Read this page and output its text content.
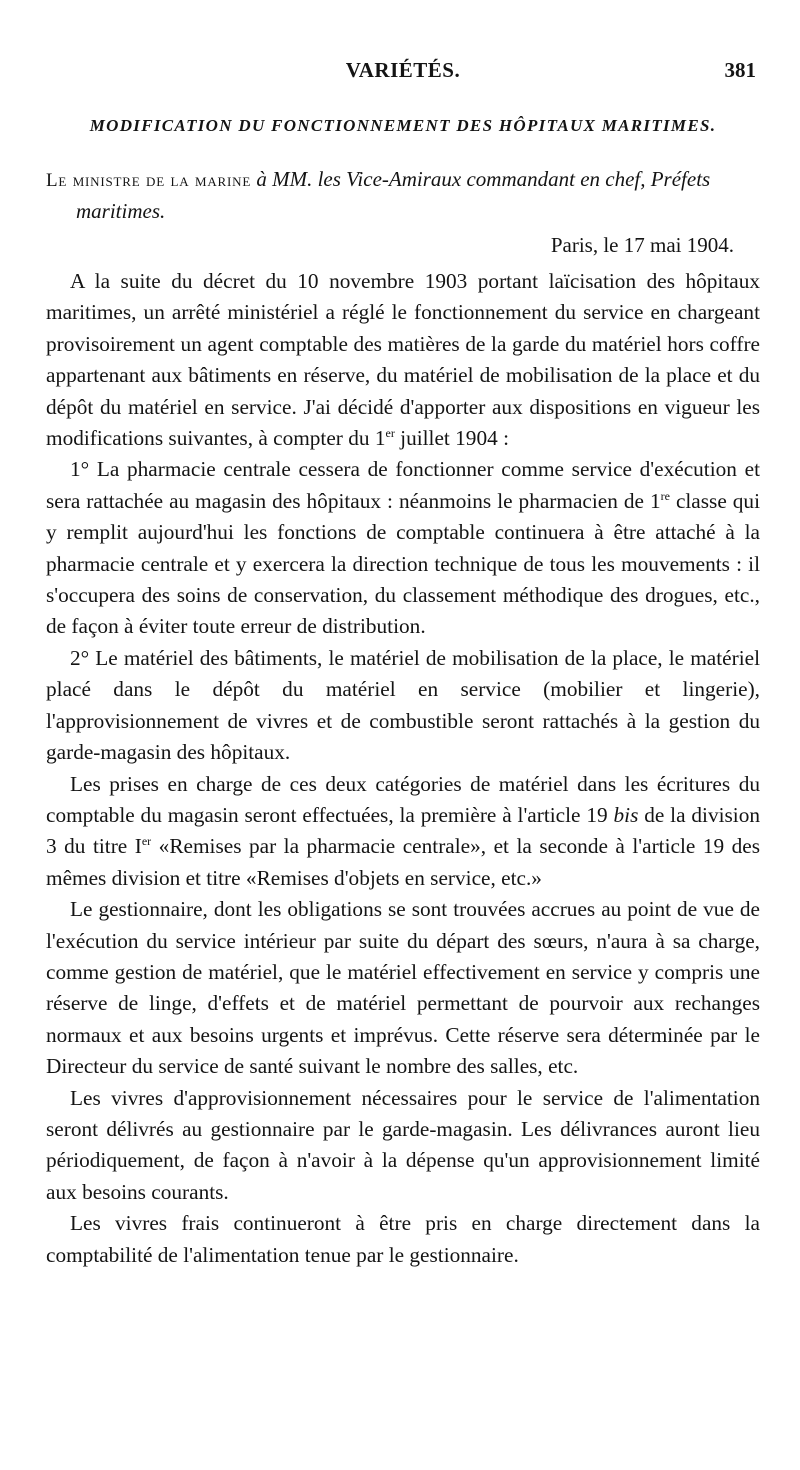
VARIÉTÉS.	381
MODIFICATION DU FONCTIONNEMENT DES HÔPITAUX MARITIMES.
Le ministre de la marine à MM. les Vice-Amiraux commandant en chef, Préfets maritimes.
Paris, le 17 mai 1904.

A la suite du décret du 10 novembre 1903 portant laïcisation des hôpitaux maritimes, un arrêté ministériel a réglé le fonctionnement du service en chargeant provisoirement un agent comptable des matières de la garde du matériel hors coffre appartenant aux bâtiments en réserve, du matériel de mobilisation de la place et du dépôt du matériel en service. J'ai décidé d'apporter aux dispositions en vigueur les modifications suivantes, à compter du 1er juillet 1904 :

1° La pharmacie centrale cessera de fonctionner comme service d'exécution et sera rattachée au magasin des hôpitaux : néanmoins le pharmacien de 1re classe qui y remplit aujourd'hui les fonctions de comptable continuera à être attaché à la pharmacie centrale et y exercera la direction technique de tous les mouvements : il s'occupera des soins de conservation, du classement méthodique des drogues, etc., de façon à éviter toute erreur de distribution.

2° Le matériel des bâtiments, le matériel de mobilisation de la place, le matériel placé dans le dépôt du matériel en service (mobilier et lingerie), l'approvisionnement de vivres et de combustible seront rattachés à la gestion du garde-magasin des hôpitaux.

Les prises en charge de ces deux catégories de matériel dans les écritures du comptable du magasin seront effectuées, la première à l'article 19 bis de la division 3 du titre Ier «Remises par la pharmacie centrale», et la seconde à l'article 19 des mêmes division et titre «Remises d'objets en service, etc.»

Le gestionnaire, dont les obligations se sont trouvées accrues au point de vue de l'exécution du service intérieur par suite du départ des sœurs, n'aura à sa charge, comme gestion de matériel, que le matériel effectivement en service y compris une réserve de linge, d'effets et de matériel permettant de pourvoir aux rechanges normaux et aux besoins urgents et imprévus. Cette réserve sera déterminée par le Directeur du service de santé suivant le nombre des salles, etc.

Les vivres d'approvisionnement nécessaires pour le service de l'alimentation seront délivrés au gestionnaire par le garde-magasin. Les délivrances auront lieu périodiquement, de façon à n'avoir à la dépense qu'un approvisionnement limité aux besoins courants.

Les vivres frais continueront à être pris en charge directement dans la comptabilité de l'alimentation tenue par le gestionnaire.
